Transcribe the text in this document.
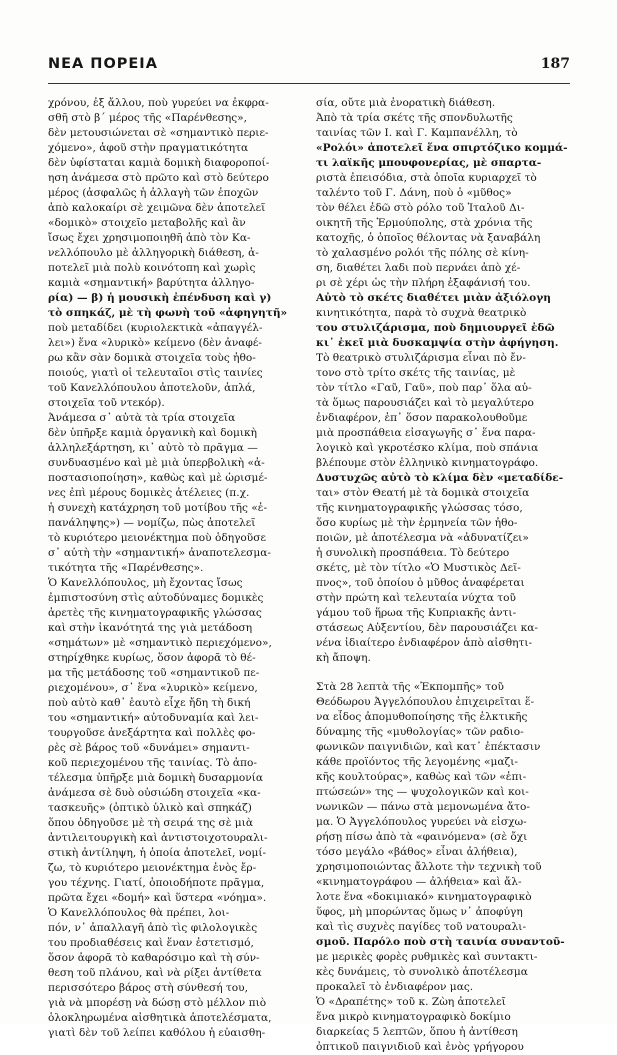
ΝΕΑ ΠΟΡΕΙΑ	187
χρόνου, ἐξ ἄλλου, ποὺ γυρεύει να ἐκφρα-
σθῆ στὸ β΄ μέρος τῆς «Παρένθεσης»,
δὲν μετουσιώνεται σὲ «σημαντικὸ περιε-
χόμενο», ἀφοῦ στὴν πραγματικότητα
δὲν ὑφίσταται καμιὰ δομικὴ διαφοροποί-
ηση ἀνάμεσα στὸ πρῶτο καὶ στὸ δεύτερο
μέρος (ἀσφαλῶς ἡ ἀλλαγὴ τῶν ἐποχῶν
ἀπὸ καλοκαίρι σὲ χειμῶνα δὲν ἀποτελεῖ
«δομικὸ» στοιχεῖο μεταβολῆς καὶ ἂν
ἴσως ἔχει χρησιμοποιηθῆ ἀπὸ τὸν Κα-
νελλόπουλο μὲ ἀλληγορικὴ διάθεση, ἀ-
ποτελεῖ μιὰ πολὺ κοινότοπη καὶ χωρὶς
καμιὰ «σημαντική» βαρύτητα ἀλληγο-
ρία) — β) ἡ μουσικὴ ἐπένδυση καὶ γ)
τὸ σπηκάζ, μὲ τὴ φωνὴ τοῦ «ἀφηγητῆ»
ποὺ μεταδίδει (κυριολεκτικὰ «ἀπαγγέλ-
λει») ἕνα «λυρικὸ» κείμενο (δὲν ἀναφέ-
ρω κἂν σὰν δομικὰ στοιχεῖα τοὺς ἠθο-
ποιούς, γιατὶ οἱ τελευταῖοι στὶς ταινίες
τοῦ Κανελλόπουλου ἀποτελοῦν, ἁπλά,
στοιχεῖα τοῦ ντεκόρ).
Ἀνάμεσα σ᾽ αὐτὰ τὰ τρία στοιχεῖα
δὲν ὑπῆρξε καμιὰ ὀργανικὴ καὶ δομικὴ
ἀλληλεξάρτηση, κι᾽ αὐτὸ τὸ πρᾶγμα —
συνδυασμένο καὶ μὲ μιὰ ὑπερβολικὴ «ἀ-
ποστασιοποίηση», καθὼς καὶ μὲ ὡρισμέ-
νες ἐπὶ μέρους δομικὲς ἀτέλειες (π.χ.
ἡ συνεχὴ κατάχρηση τοῦ μοτίβου τῆς «ἐ-
πανάληψης») — νομίζω, πὼς ἀποτελεῖ
τὸ κυριότερο μειονέκτημα ποὺ ὁδηγοῦσε
σ᾽ αὐτὴ τὴν «σημαντική» ἀναποτελεσμα-
τικότητα τῆς «Παρένθεσης».
Ὁ Κανελλόπουλος, μὴ ἔχοντας ἴσως
ἐμπιστοσύνη στὶς αὐτοδύναμες δομικὲς
ἀρετὲς τῆς κινηματογραφικῆς γλώσσας
καὶ στὴν ἱκανότητά της γιὰ μετάδοση
«σημάτων» μὲ «σημαντικὸ περιεχόμενο»,
στηρίχθηκε κυρίως, ὅσον ἀφορᾶ τὸ θέ-
μα τῆς μετάδοσης τοῦ «σημαντικοῦ πε-
ριεχομένου», σ᾽ ἕνα «λυρικὸ» κείμενο,
ποὺ αὐτὸ καθ᾽ ἑαυτὸ εἶχε ἤδη τὴ δική
του «σημαντική» αὐτοδυναμία καὶ λει-
τουργοῦσε ἀνεξάρτητα καὶ πολλὲς φο-
ρὲς σὲ βάρος τοῦ «δυνάμει» σημαντι-
κοῦ περιεχομένου τῆς ταινίας. Τὸ ἀπο-
τέλεσμα ὑπῆρξε μιὰ δομικὴ δυσαρμονία
ἀνάμεσα σὲ δυὸ οὐσιώδη στοιχεῖα «κα-
τασκευῆς» (ὀπτικὸ ὑλικὸ καὶ σπηκάζ)
ὅπου ὁδηγοῦσε μὲ τὴ σειρά της σὲ μιὰ
ἀντιλειτουργικὴ καὶ ἀντιστοιχοτουραλι-
στικὴ ἀντίληψη, ἡ ὁποία ἀποτελεῖ, νομί-
ζω, τὸ κυριότερο μειονέκτημα ἑνὸς ἔρ-
γου τέχνης. Γιατί, ὁποιοδήποτε πρᾶγμα,
πρῶτα ἔχει «δομή» καὶ ὕστερα «νόημα».
Ὁ Κανελλόπουλος θὰ πρέπει, λοι-
πόν, ν᾽ ἀπαλλαγῆ ἀπὸ τὶς φιλολογικὲς
του προδιαθέσεις καὶ ἕναν ἐστετισμό,
ὅσον ἀφορᾶ τὸ καθαρόσιμο καὶ τὴ σύν-
θεση τοῦ πλάνου, καὶ νὰ ρίξει ἀντίθετα
περισσότερο βάρος στὴ σύνθεσή του,
γιὰ νὰ μπορέσῃ νὰ δώσῃ στὸ μέλλον πιὸ
ὁλοκληρωμένα αἰσθητικὰ ἀποτελέσματα,
γιατὶ δὲν τοῦ λείπει καθόλου ἡ εὐαισθη-
σία, οὔτε μιὰ ἐνορατικὴ διάθεση.
Ἀπὸ τὰ τρία σκέτς τῆς σπονδυλωτῆς
ταινίας τῶν Ι. καὶ Γ. Καμπανέλλη, τὸ
«Ρολόι» ἀποτελεῖ ἕνα σπιρτόζικο κομμά-
τι λαϊκῆς μπουφονερίας, μὲ σπαρτα-
ριστὰ ἐπεισόδια, στὰ ὁποῖα κυριαρχεῖ τὸ
ταλέντο τοῦ Γ. Δάνη, ποὺ ὁ «μῦθος»
τὸν θέλει ἐδῶ στὸ ρόλο τοῦ Ἰταλοῦ Δι-
οικητῆ τῆς Ἑρμούπολης, στὰ χρόνια τῆς
κατοχῆς, ὁ ὁποῖος θέλοντας νὰ ξαναβάλη
τὸ χαλασμένο ρολόι τῆς πόλης σὲ κίνη-
ση, διαθέτει λαδι ποὺ περνάει ἀπὸ χέ-
ρι σὲ χέρι ὡς τὴν πλήρη ἐξαφάνισή του.
Αὐτὸ τὸ σκέτς διαθέτει μιὰν ἀξιόλογη
κινητικότητα, παρὰ τὸ συχνὰ θεατρικὸ
του στυλιζάρισμα, ποὺ δημιουργεῖ ἐδῶ
κι᾽ ἐκεῖ μιὰ δυσκαμψία στὴν ἀφήγηση.
Τὸ θεατρικὸ στυλιζάρισμα εἶναι πὸ ἔν-
τονο στὸ τρίτο σκέτς τῆς ταινίας, μὲ
τὸν τίτλο «Γαῦ, Γαῦ», ποὺ παρ᾽ ὅλα αὐ-
τὰ ὅμως παρουσιάζει καὶ τὸ μεγαλύτερο
ἐνδιαφέρον, ἐπ᾽ ὅσον παρακολουθοῦμε
μιὰ προσπάθεια εἰσαγωγῆς σ᾽ ἕνα παρα-
λογικὸ καὶ γκροτέσκο κλίμα, ποὺ σπάνια
βλέπουμε στὸν ἑλληνικὸ κινηματογράφο.
Δυστυχῶς αὐτὸ τὸ κλίμα δὲν «μεταδίδε-
ται» στὸν Θεατή μὲ τὰ δομικὰ στοιχεῖα
τῆς κινηματογραφικῆς γλώσσας τόσο,
ὅσο κυρίως μὲ τὴν ἑρμηνεία τῶν ἠθο-
ποιῶν, μὲ ἀποτέλεσμα νὰ «ἀδυνατίζει»
ἡ συνολικὴ προσπάθεια. Τὸ δεύτερο
σκέτς, μὲ τὸν τίτλο «Ὁ Μυστικὸς Δεῖ-
πνος», τοῦ ὁποίου ὁ μῦθος ἀναφέρεται
στὴν πρώτη καὶ τελευταία νύχτα τοῦ
γάμου τοῦ ἥρωα τῆς Κυπριακῆς ἀντι-
στάσεως Αὐξεντίου, δὲν παρουσιάζει κα-
νένα ἰδιαίτερο ἐνδιαφέρον ἀπὸ αἰσθητι-
κὴ ἄποψη.
Στὰ 28 λεπτὰ τῆς «Ἐκπομπῆς» τοῦ
Θεόδωρου Ἀγγελόπουλου ἐπιχειρεῖται ἕ-
να εἶδος ἀπομυθοποίησης τῆς ἑλκτικῆς
δύναμης τῆς «μυθολογίας» τῶν ραδιο-
φωνικῶν παιγνιδιῶν, καὶ κατ᾽ ἐπέκτασιν
κάθε προϊόντος τῆς λεγομένης «μαζι-
κῆς κουλτούρας», καθὼς καὶ τῶν «ἐπι-
πτώσεών» της — ψυχολογικῶν καὶ κοι-
νωνικῶν — πάνω στὰ μεμονωμένα ἄτο-
μα. Ὁ Ἀγγελόπουλος γυρεύει νὰ εἰσχω-
ρήσῃ πίσω ἀπὸ τὰ «φαινόμενα» (σὲ ὄχι
τόσο μεγάλο «βάθος» εἶναι ἀλήθεια),
χρησιμοποιώντας ἄλλοτε τὴν τεχνικὴ τοῦ
«κινηματογράφου — ἀλήθεια» καὶ ἄλ-
λοτε ἕνα «δοκιμιακό» κινηματογραφικὸ
ὕφος, μὴ μπορώντας ὅμως ν᾽ ἀποφύγη
καὶ τὶς συχνὲς παγίδες τοῦ νατουραλι-
σμοῦ. Παρόλο ποὺ στὴ ταινία συναντοῦ-
με μερικὲς φορὲς ρυθμικὲς καὶ συντακτι-
κὲς δυνάμεις, τὸ συνολικὸ ἀποτέλεσμα
προκαλεῖ τὸ ἐνδιαφέρον μας.
Ὁ «Δραπέτης» τοῦ κ. Ζὼη ἀποτελεῖ
ἕνα μικρὸ κινηματογραφικὸ δοκίμιο
διαρκείας 5 λεπτῶν, ὅπου ἡ ἀντίθεση
ὀπτικοῦ παιγνιδιοῦ καὶ ἑνὸς γρήγορου
